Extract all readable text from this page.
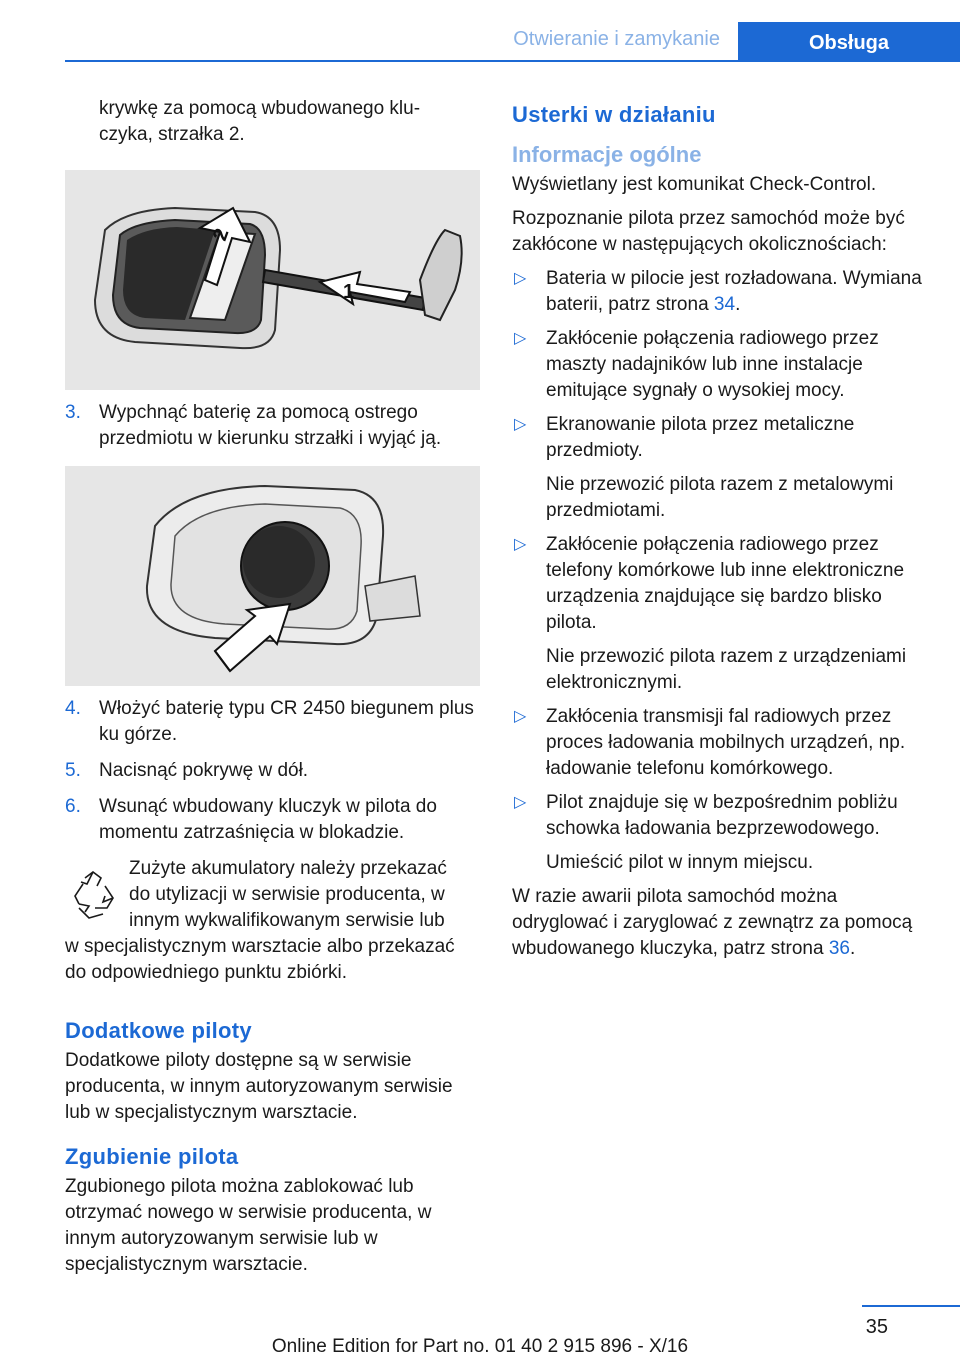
Otwieranie i zamykanie	Obsługa
krywkę za pomocą wbudowanego klu-
czyka, strzałka 2.
2
1
3. Wypchnąć baterię za pomocą ostrego przedmiotu w kierunku strzałki i wyjąć ją.
4. Włożyć baterię typu CR 2450 biegunem plus ku górze.
5. Nacisnąć pokrywę w dół.
6. Wsunąć wbudowany kluczyk w pilota do momentu zatrzaśnięcia w blokadzie.
Zużyte akumulatory należy przekazać
do utylizacji w serwisie producenta, w
innym wykwalifikowanym serwisie lub
w specjalistycznym warsztacie albo przekazać do odpowiedniego punktu zbiórki.
Dodatkowe piloty

Dodatkowe piloty dostępne są w serwisie producenta, w innym autoryzowanym serwisie lub w specjalistycznym warsztacie.

Zgubienie pilota

Zgubionego pilota można zablokować lub otrzymać nowego w serwisie producenta, w innym autoryzowanym serwisie lub w specjalistycznym warsztacie.

Usterki w działaniu
Informacje ogólne

Wyświetlany jest komunikat Check-Control.

Rozpoznanie pilota przez samochód może być zakłócone w następujących okolicznościach:

▷	Bateria w pilocie jest rozładowana. Wymiana baterii, patrz strona 34.
▷	Zakłócenie połączenia radiowego przez maszty nadajników lub inne instalacje emitujące sygnały o wysokiej mocy.
▷	Ekranowanie pilota przez metaliczne przedmioty.
Nie przewozić pilota razem z metalowymi przedmiotami.
▷	Zakłócenie połączenia radiowego przez telefony komórkowe lub inne elektroniczne urządzenia znajdujące się bardzo blisko pilota.
Nie przewozić pilota razem z urządzeniami elektronicznymi.
▷	Zakłócenia transmisji fal radiowych przez proces ładowania mobilnych urządzeń, np. ładowanie telefonu komórkowego.
▷	Pilot znajduje się w bezpośrednim pobliżu schowka ładowania bezprzewodowego.
Umieścić pilot w innym miejscu.

W razie awarii pilota samochód można odryglować i zaryglować z zewnątrz za pomocą wbudowanego kluczyka, patrz strona 36.

35
Online Edition for Part no. 01 40 2 915 896 - X/16
